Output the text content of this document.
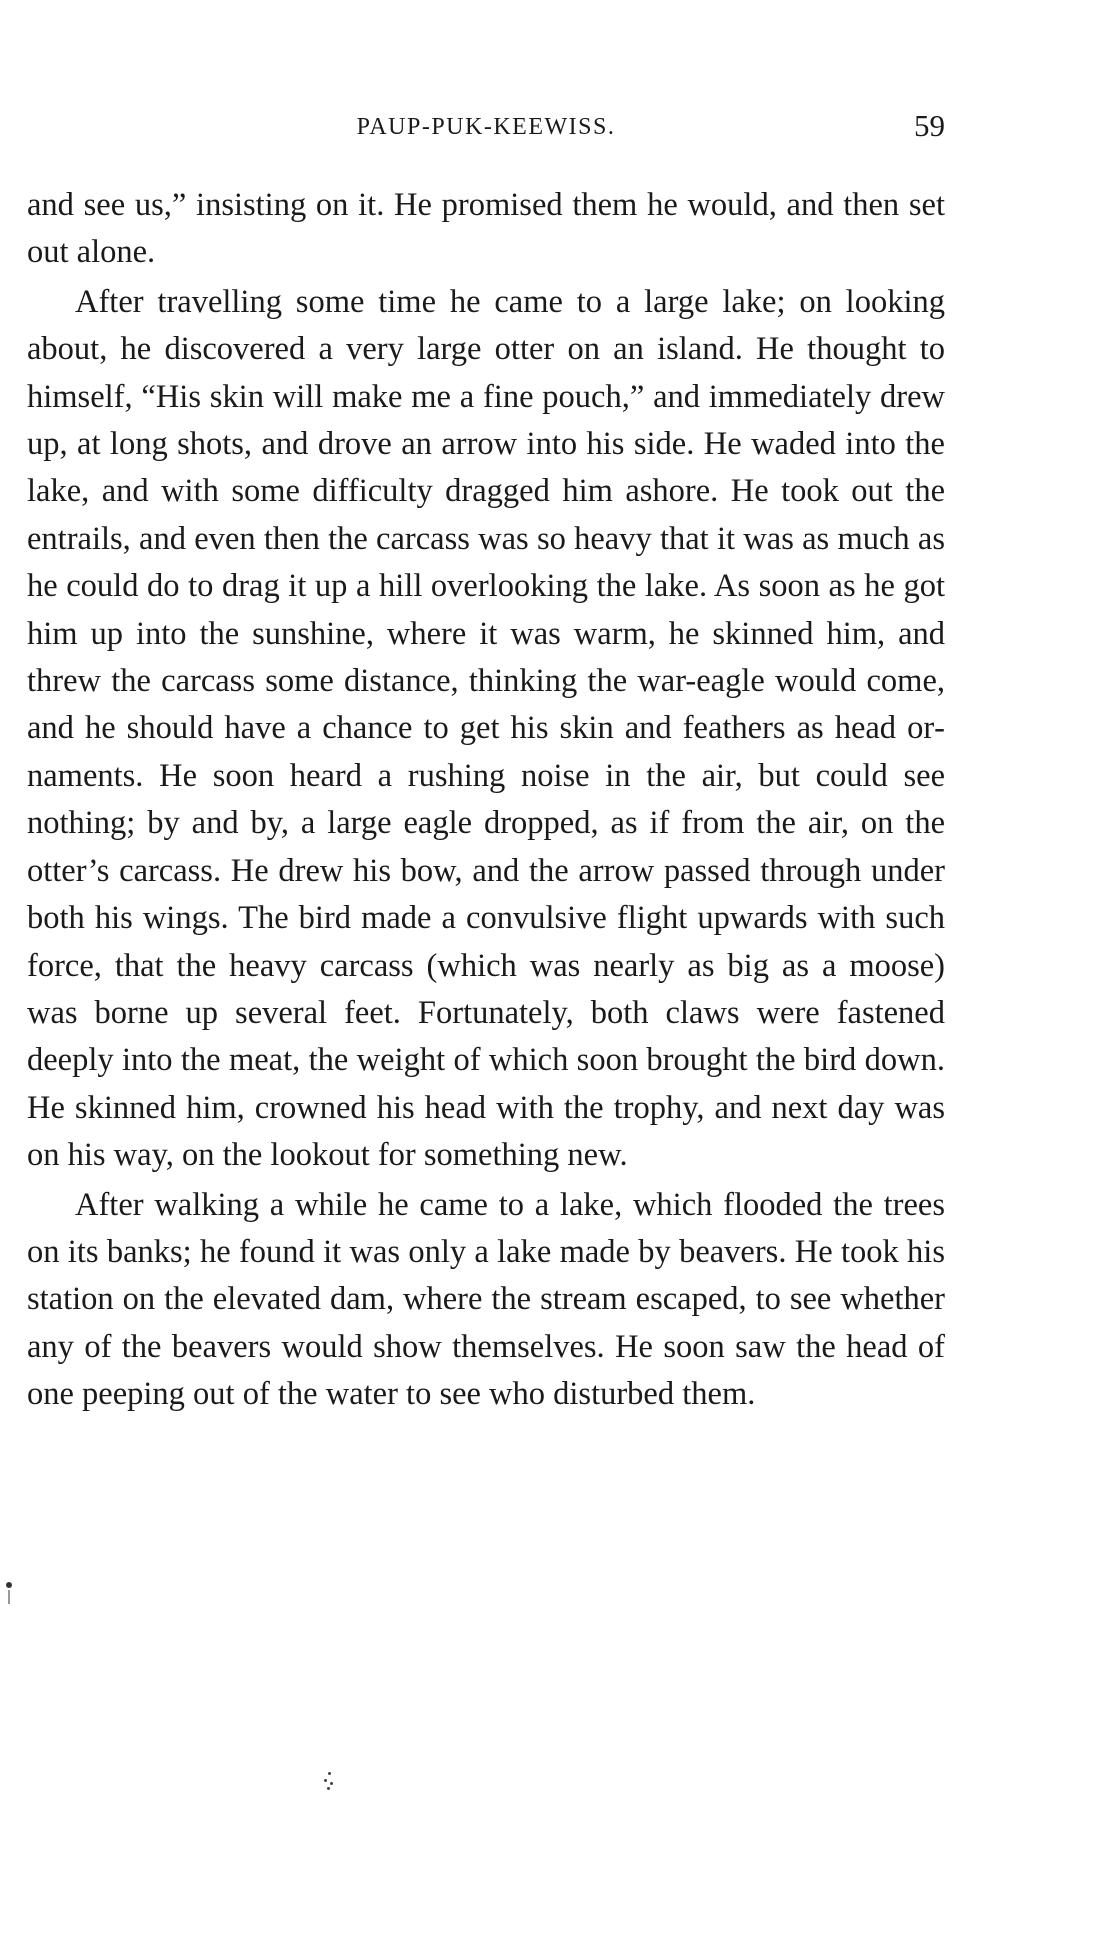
PAUP-PUK-KEEWISS.	59

and see us,” insisting on it. He promised them he would, and then set out alone.

After travelling some time he came to a large lake; on looking about, he discovered a very large otter on an island. He thought to himself, “His skin will make me a fine pouch,” and immediately drew up, at long shots, and drove an arrow into his side. He waded into the lake, and with some difficulty dragged him ashore. He took out the entrails, and even then the carcass was so heavy that it was as much as he could do to drag it up a hill overlooking the lake. As soon as he got him up into the sunshine, where it was warm, he skinned him, and threw the carcass some distance, thinking the war-eagle would come, and he should have a chance to get his skin and feathers as head ornaments. He soon heard a rushing noise in the air, but could see nothing; by and by, a large eagle dropped, as if from the air, on the otter’s carcass. He drew his bow, and the arrow passed through under both his wings. The bird made a convulsive flight upwards with such force, that the heavy carcass (which was nearly as big as a moose) was borne up several feet. Fortunately, both claws were fastened deeply into the meat, the weight of which soon brought the bird down. He skinned him, crowned his head with the trophy, and next day was on his way, on the lookout for something new.

After walking a while he came to a lake, which flooded the trees on its banks; he found it was only a lake made by beavers. He took his station on the elevated dam, where the stream escaped, to see whether any of the beavers would show themselves. He soon saw the head of one peeping out of the water to see who disturbed them.
